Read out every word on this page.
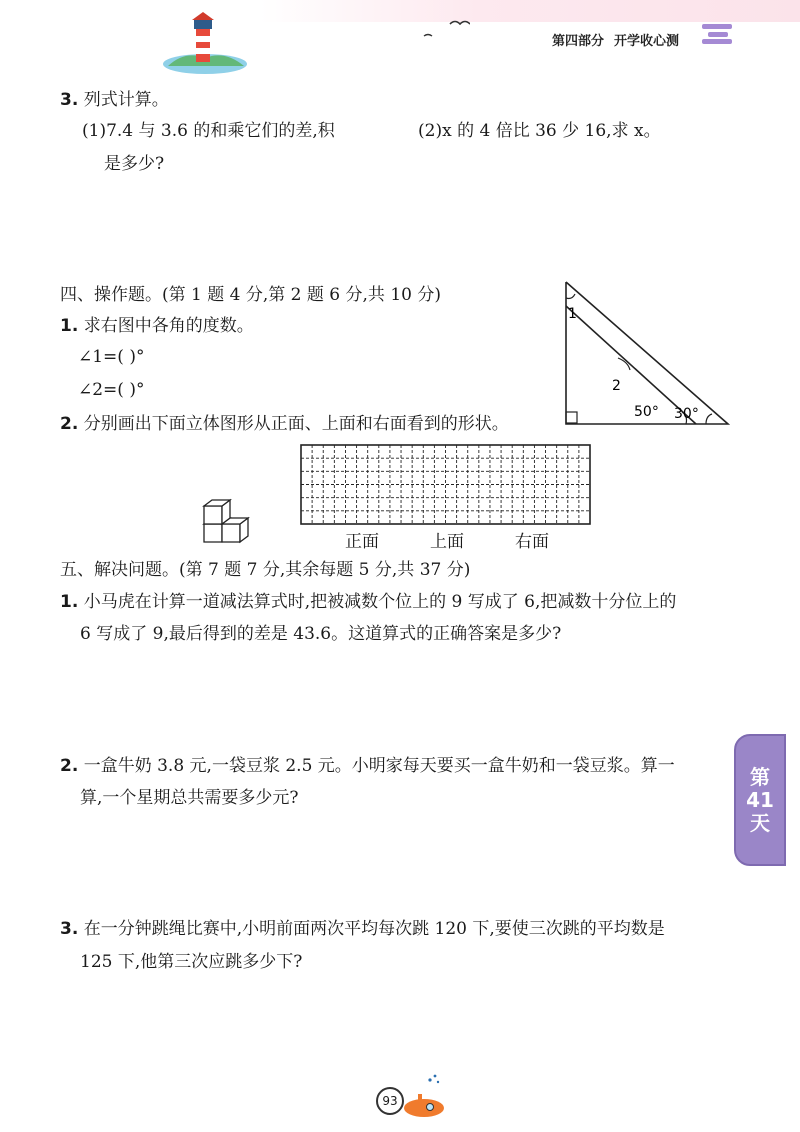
第四部分 开学收心测
3. 列式计算。
(1)7.4 与 3.6 的和乘它们的差,积
是多少?
(2)x 的 4 倍比 36 少 16,求 x。
四、操作题。(第 1 题 4 分,第 2 题 6 分,共 10 分)
1. 求右图中各角的度数。
∠1=( )°
∠2=( )°
2. 分别画出下面立体图形从正面、上面和右面看到的形状。
1
2
50° 30°
正面	上面	右面
五、解决问题。(第 7 题 7 分,其余每题 5 分,共 37 分)
1. 小马虎在计算一道减法算式时,把被减数个位上的 9 写成了 6,把减数十分位上的
6 写成了 9,最后得到的差是 43.6。这道算式的正确答案是多少?
2. 一盒牛奶 3.8 元,一袋豆浆 2.5 元。小明家每天要买一盒牛奶和一袋豆浆。算一
算,一个星期总共需要多少元?
3. 在一分钟跳绳比赛中,小明前面两次平均每次跳 120 下,要使三次跳的平均数是
125 下,他第三次应跳多少下?
第
41
天
93
